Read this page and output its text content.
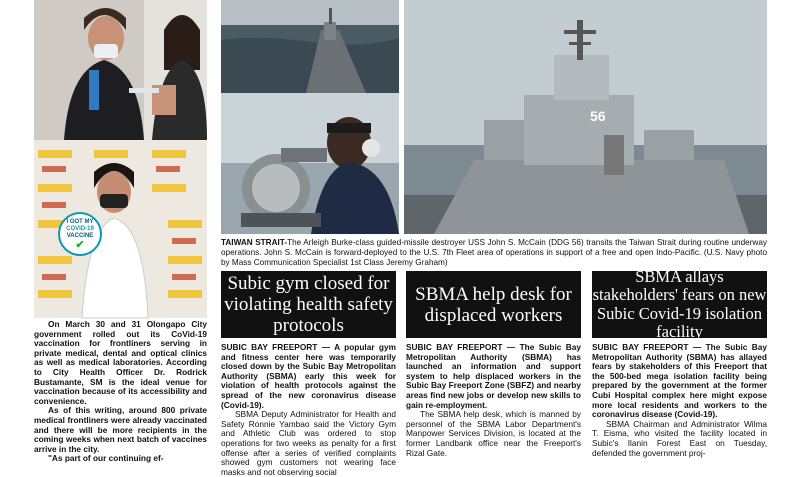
I GOT MY
COVID-19
VACCINE
✔
56
TAIWAN STRAIT-The Arleigh Burke-class guided-missile destroyer USS John S. McCain (DDG 56) transits the Taiwan Strait during routine underway operations. John S. McCain is forward-deployed to the U.S. 7th Fleet area of operations in support of a free and open Indo-Pacific. (U.S. Navy photo by Mass Communication Specialist 1st Class Jeremy Graham)

On March 30 and 31 Olongapo City government rolled out its CoVid-19 vaccination for frontliners serving in private medical, dental and optical clinics as well as medical laboratories. According to City Health Officer Dr. Rodrick Bustamante, SM is the ideal venue for vaccination because of its accessibility and convenience.

As of this writing, around 800 private medical frontliners were already vaccinated and there will be more recipients in the coming weeks when next batch of vaccines arrive in the city.

"As part of our continuing ef-

Subic gym closed for violating health safety protocols

SUBIC BAY FREEPORT — A popular gym and fitness center here was temporarily closed down by the Subic Bay Metropolitan Authority (SBMA) early this week for violation of health protocols against the spread of the new coronavirus disease (Covid-19).

SBMA Deputy Administrator for Health and Safety Ronnie Yambao said the Victory Gym and Athletic Club was ordered to stop operations for two weeks as penalty for a first offense after a series of verified complaints showed gym customers not wearing face masks and not observing social

SBMA help desk for displaced workers

SUBIC BAY FREEPORT — The Subic Bay Metropolitan Authority (SBMA) has launched an information and support system to help displaced workers in the Subic Bay Freeport Zone (SBFZ) and nearby areas find new jobs or develop new skills to gain re-employment.

The SBMA help desk, which is manned by personnel of the SBMA Labor Department's Manpower Services Division, is located at the former Landbank office near the Freeport's Rizal Gate.

SBMA allays stakeholders' fears on new Subic Covid-19 isolation facility

SUBIC BAY FREEPORT — The Subic Bay Metropolitan Authority (SBMA) has allayed fears by stakeholders of this Freeport that the 500-bed mega isolation facility being prepared by the government at the former Cubi Hospital complex here might expose more local residents and workers to the coronavirus disease (Covid-19).

SBMA Chairman and Administrator Wilma T. Eisma, who visited the facility located in Subic's Ilanin Forest East on Tuesday, defended the government proj-
